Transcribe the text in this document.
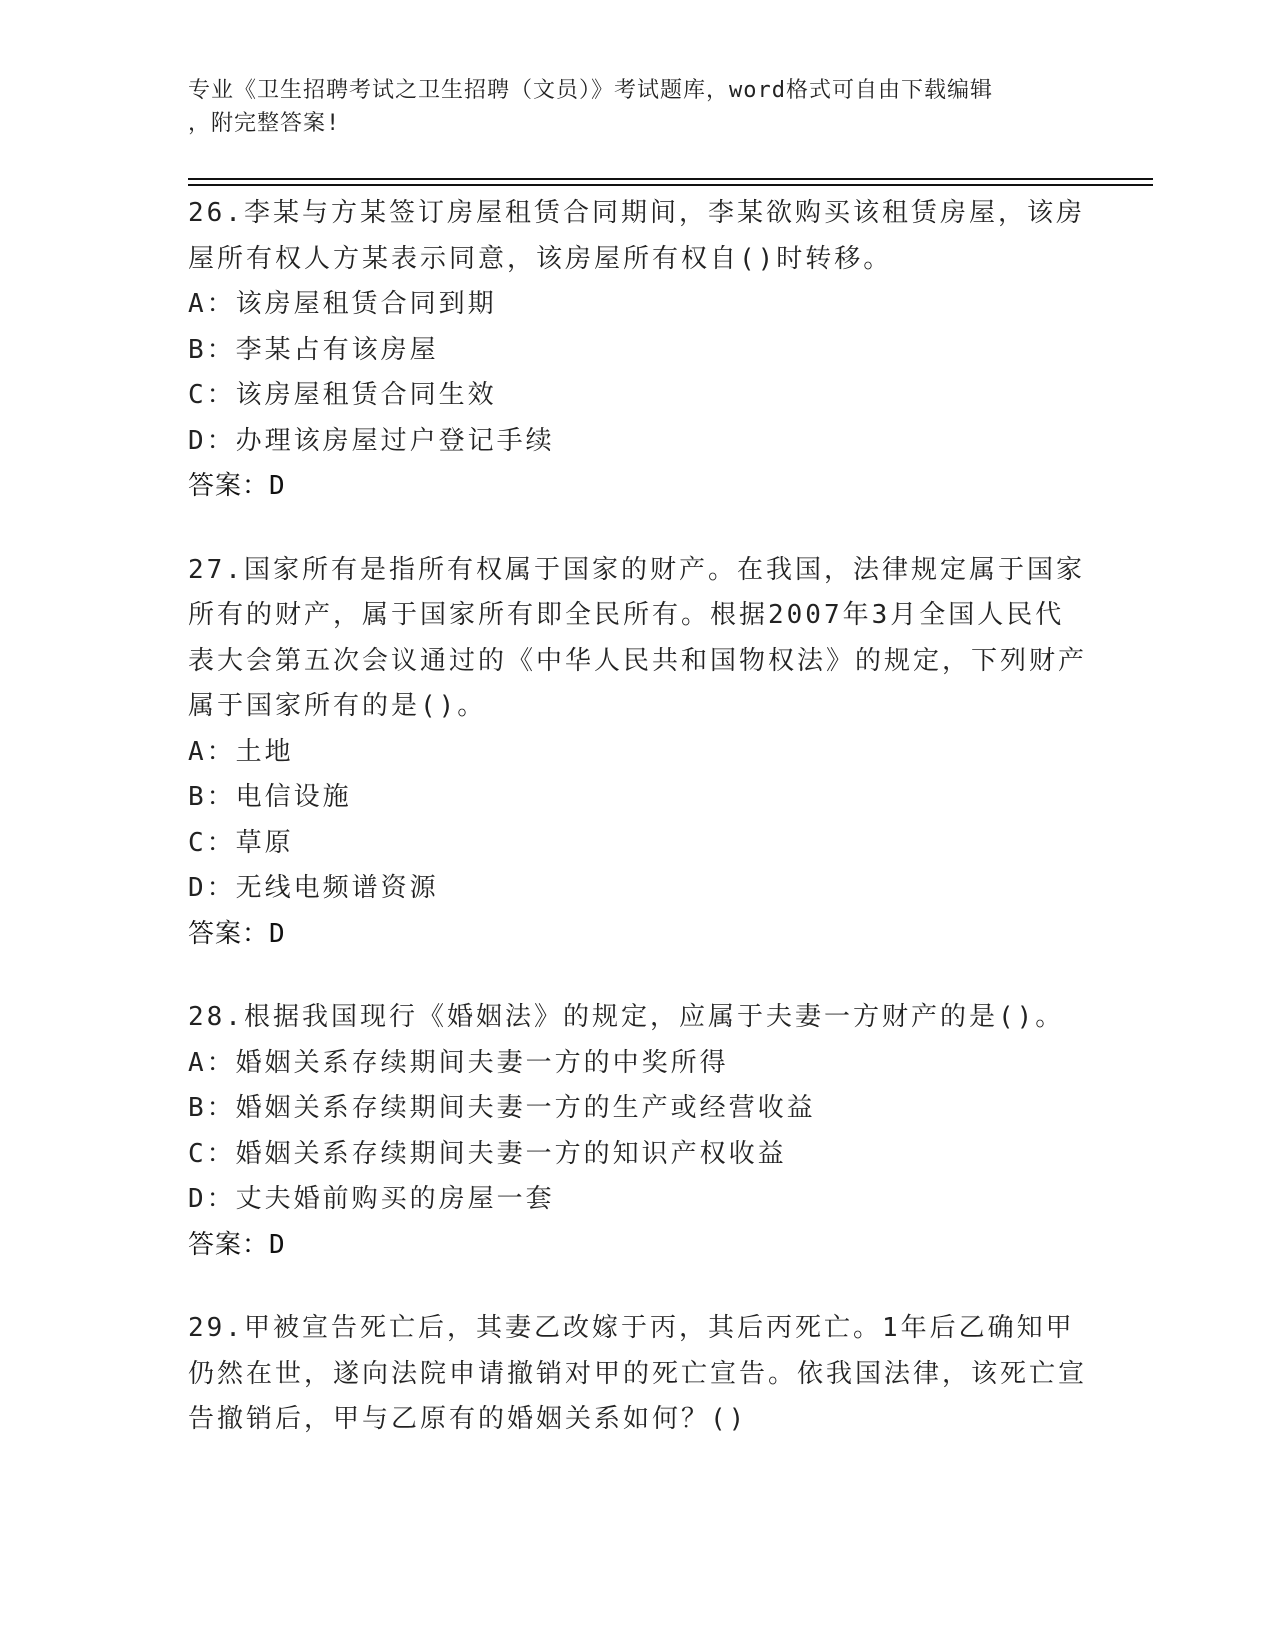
专业《卫生招聘考试之卫生招聘（文员）》考试题库，word格式可自由下载编辑
，附完整答案!

26.李某与方某签订房屋租赁合同期间，李某欲购买该租赁房屋，该房屋所有权人方某表示同意，该房屋所有权自()时转移。

A：该房屋租赁合同到期

B：李某占有该房屋

C：该房屋租赁合同生效

D：办理该房屋过户登记手续

答案：D

27.国家所有是指所有权属于国家的财产。在我国，法律规定属于国家所有的财产，属于国家所有即全民所有。根据2007年3月全国人民代表大会第五次会议通过的《中华人民共和国物权法》的规定，下列财产属于国家所有的是()。

A：土地

B：电信设施

C：草原

D：无线电频谱资源

答案：D

28.根据我国现行《婚姻法》的规定，应属于夫妻一方财产的是()。

A：婚姻关系存续期间夫妻一方的中奖所得

B：婚姻关系存续期间夫妻一方的生产或经营收益

C：婚姻关系存续期间夫妻一方的知识产权收益

D：丈夫婚前购买的房屋一套

答案：D

29.甲被宣告死亡后，其妻乙改嫁于丙，其后丙死亡。1年后乙确知甲仍然在世，遂向法院申请撤销对甲的死亡宣告。依我国法律，该死亡宣告撤销后，甲与乙原有的婚姻关系如何？()
